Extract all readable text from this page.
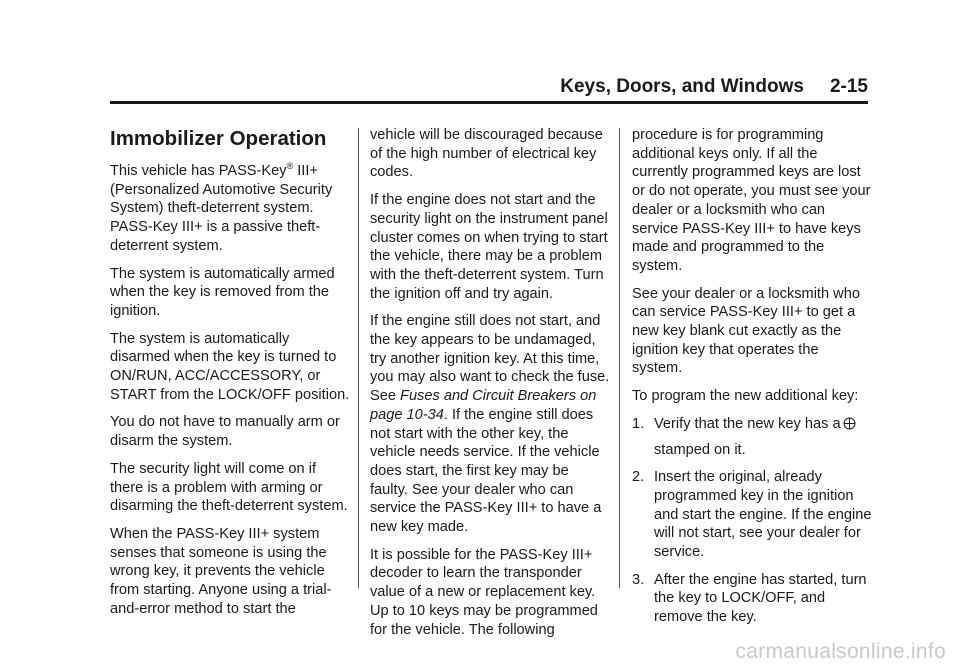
Keys, Doors, and Windows 2-15
Immobilizer Operation

This vehicle has PASS-Key® III+ (Personalized Automotive Security System) theft-deterrent system. PASS-Key III+ is a passive theft-deterrent system.

The system is automatically armed when the key is removed from the ignition.

The system is automatically disarmed when the key is turned to ON/RUN, ACC/ACCESSORY, or START from the LOCK/OFF position.

You do not have to manually arm or disarm the system.

The security light will come on if there is a problem with arming or disarming the theft-deterrent system.

When the PASS-Key III+ system senses that someone is using the wrong key, it prevents the vehicle from starting. Anyone using a trial-and-error method to start the

vehicle will be discouraged because of the high number of electrical key codes.

If the engine does not start and the security light on the instrument panel cluster comes on when trying to start the vehicle, there may be a problem with the theft-deterrent system. Turn the ignition off and try again.

If the engine still does not start, and the key appears to be undamaged, try another ignition key. At this time, you may also want to check the fuse. See Fuses and Circuit Breakers on page 10-34. If the engine still does not start with the other key, the vehicle needs service. If the vehicle does start, the first key may be faulty. See your dealer who can service the PASS-Key III+ to have a new key made.

It is possible for the PASS-Key III+ decoder to learn the transponder value of a new or replacement key. Up to 10 keys may be programmed for the vehicle. The following

procedure is for programming additional keys only. If all the currently programmed keys are lost or do not operate, you must see your dealer or a locksmith who can service PASS-Key III+ to have keys made and programmed to the system.

See your dealer or a locksmith who can service PASS-Key III+ to get a new key blank cut exactly as the ignition key that operates the system.

To program the new additional key:

1. Verify that the new key has a
stamped on it.
2. Insert the original, already programmed key in the ignition and start the engine. If the engine will not start, see your dealer for service.
3. After the engine has started, turn the key to LOCK/OFF, and remove the key.
carmanualsonline.info
